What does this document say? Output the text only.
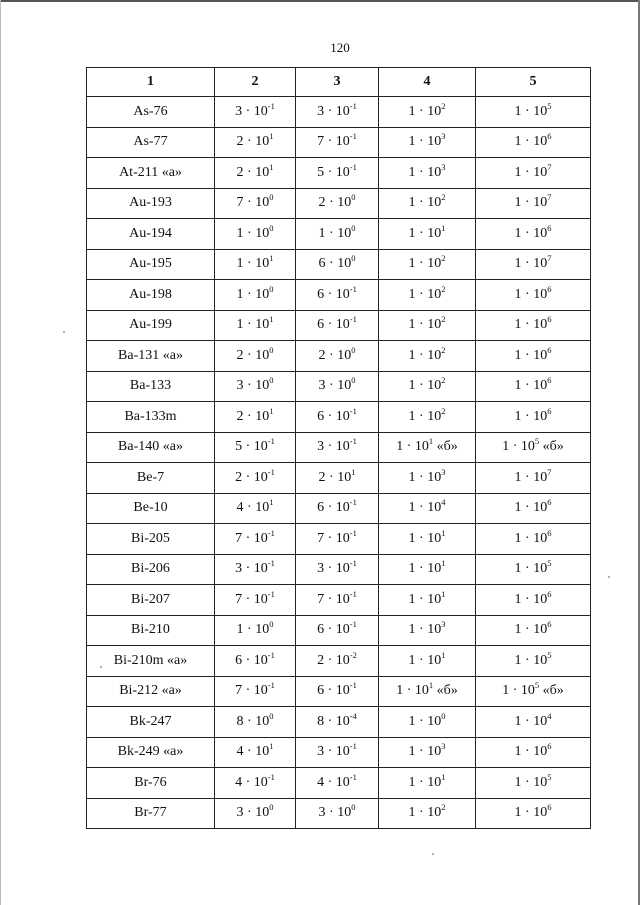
120
1	2	3	4	5
As-76	$3 \cdot 10^{-1}$	$3 \cdot 10^{-1}$	$1 \cdot 10^2$	$1 \cdot 10^5$
As-77	$2 \cdot 10^1$	$7 \cdot 10^{-1}$	$1 \cdot 10^3$	$1 \cdot 10^6$
At-211 «а»	$2 \cdot 10^1$	$5 \cdot 10^{-1}$	$1 \cdot 10^3$	$1 \cdot 10^7$
Au-193	$7 \cdot 10^0$	$2 \cdot 10^0$	$1 \cdot 10^2$	$1 \cdot 10^7$
Au-194	$1 \cdot 10^0$	$1 \cdot 10^0$	$1 \cdot 10^1$	$1 \cdot 10^6$
Au-195	$1 \cdot 10^1$	$6 \cdot 10^0$	$1 \cdot 10^2$	$1 \cdot 10^7$
Au-198	$1 \cdot 10^0$	$6 \cdot 10^{-1}$	$1 \cdot 10^2$	$1 \cdot 10^6$
Au-199	$1 \cdot 10^1$	$6 \cdot 10^{-1}$	$1 \cdot 10^2$	$1 \cdot 10^6$
Ba-131 «а»	$2 \cdot 10^0$	$2 \cdot 10^0$	$1 \cdot 10^2$	$1 \cdot 10^6$
Ba-133	$3 \cdot 10^0$	$3 \cdot 10^0$	$1 \cdot 10^2$	$1 \cdot 10^6$
Ba-133m	$2 \cdot 10^1$	$6 \cdot 10^{-1}$	$1 \cdot 10^2$	$1 \cdot 10^6$
Ba-140 «а»	$5 \cdot 10^{-1}$	$3 \cdot 10^{-1}$	$1 \cdot 10^1$ «б»	$1 \cdot 10^5$ «б»
Be-7	$2 \cdot 10^{-1}$	$2 \cdot 10^1$	$1 \cdot 10^3$	$1 \cdot 10^7$
Be-10	$4 \cdot 10^1$	$6 \cdot 10^{-1}$	$1 \cdot 10^4$	$1 \cdot 10^6$
Bi-205	$7 \cdot 10^{-1}$	$7 \cdot 10^{-1}$	$1 \cdot 10^1$	$1 \cdot 10^6$
Bi-206	$3 \cdot 10^{-1}$	$3 \cdot 10^{-1}$	$1 \cdot 10^1$	$1 \cdot 10^5$
Bi-207	$7 \cdot 10^{-1}$	$7 \cdot 10^{-1}$	$1 \cdot 10^1$	$1 \cdot 10^6$
Bi-210	$1 \cdot 10^0$	$6 \cdot 10^{-1}$	$1 \cdot 10^3$	$1 \cdot 10^6$
Bi-210m «а»	$6 \cdot 10^{-1}$	$2 \cdot 10^{-2}$	$1 \cdot 10^1$	$1 \cdot 10^5$
Bi-212 «а»	$7 \cdot 10^{-1}$	$6 \cdot 10^{-1}$	$1 \cdot 10^1$ «б»	$1 \cdot 10^5$ «б»
Bk-247	$8 \cdot 10^0$	$8 \cdot 10^{-4}$	$1 \cdot 10^0$	$1 \cdot 10^4$
Bk-249 «а»	$4 \cdot 10^1$	$3 \cdot 10^{-1}$	$1 \cdot 10^3$	$1 \cdot 10^6$
Br-76	$4 \cdot 10^{-1}$	$4 \cdot 10^{-1}$	$1 \cdot 10^1$	$1 \cdot 10^5$
Br-77	$3 \cdot 10^0$	$3 \cdot 10^0$	$1 \cdot 10^2$	$1 \cdot 10^6$
